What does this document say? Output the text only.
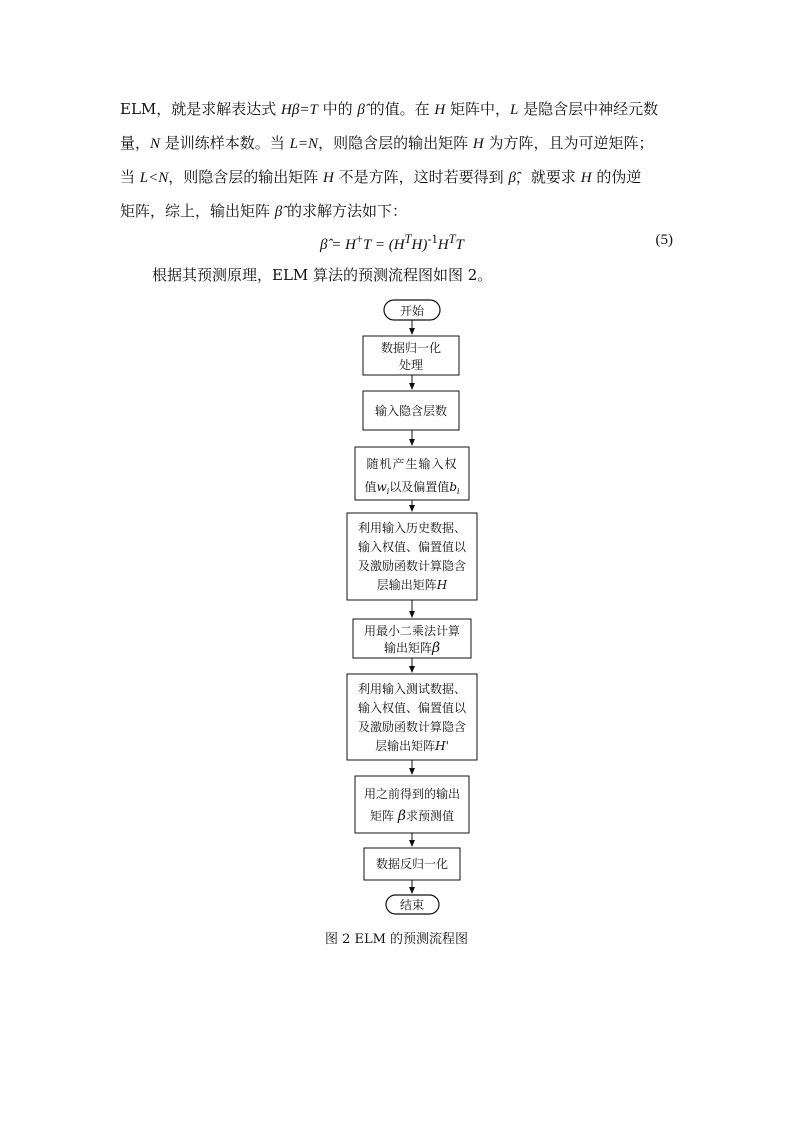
ELM，就是求解表达式 Hβ=T 中的 β̂ 的值。在 H 矩阵中，L 是隐含层中神经元数
量，N 是训练样本数。当 L=N，则隐含层的输出矩阵 H 为方阵，且为可逆矩阵；
当 L<N，则隐含层的输出矩阵 H 不是方阵，这时若要得到 β̂，就要求 H 的伪逆
矩阵，综上，输出矩阵 β̂ 的求解方法如下：
β̂ = $H^+T = (H^TH)^{-1}H^TT$	(5)
根据其预测原理，ELM 算法的预测流程图如图 2。
开始
数据归一化
处理
输入隐含层数
随机产生输入权
值$w_i$以及偏置值$b_i$
利用输入历史数据、
输入权值、偏置值以
及激励函数计算隐含
层输出矩阵H
用最小二乘法计算
输出矩阵β
利用输入测试数据、
输入权值、偏置值以
及激励函数计算隐含
层输出矩阵H'
用之前得到的输出
矩阵 β求预测值
数据反归一化
结束
图 2 ELM 的预测流程图
